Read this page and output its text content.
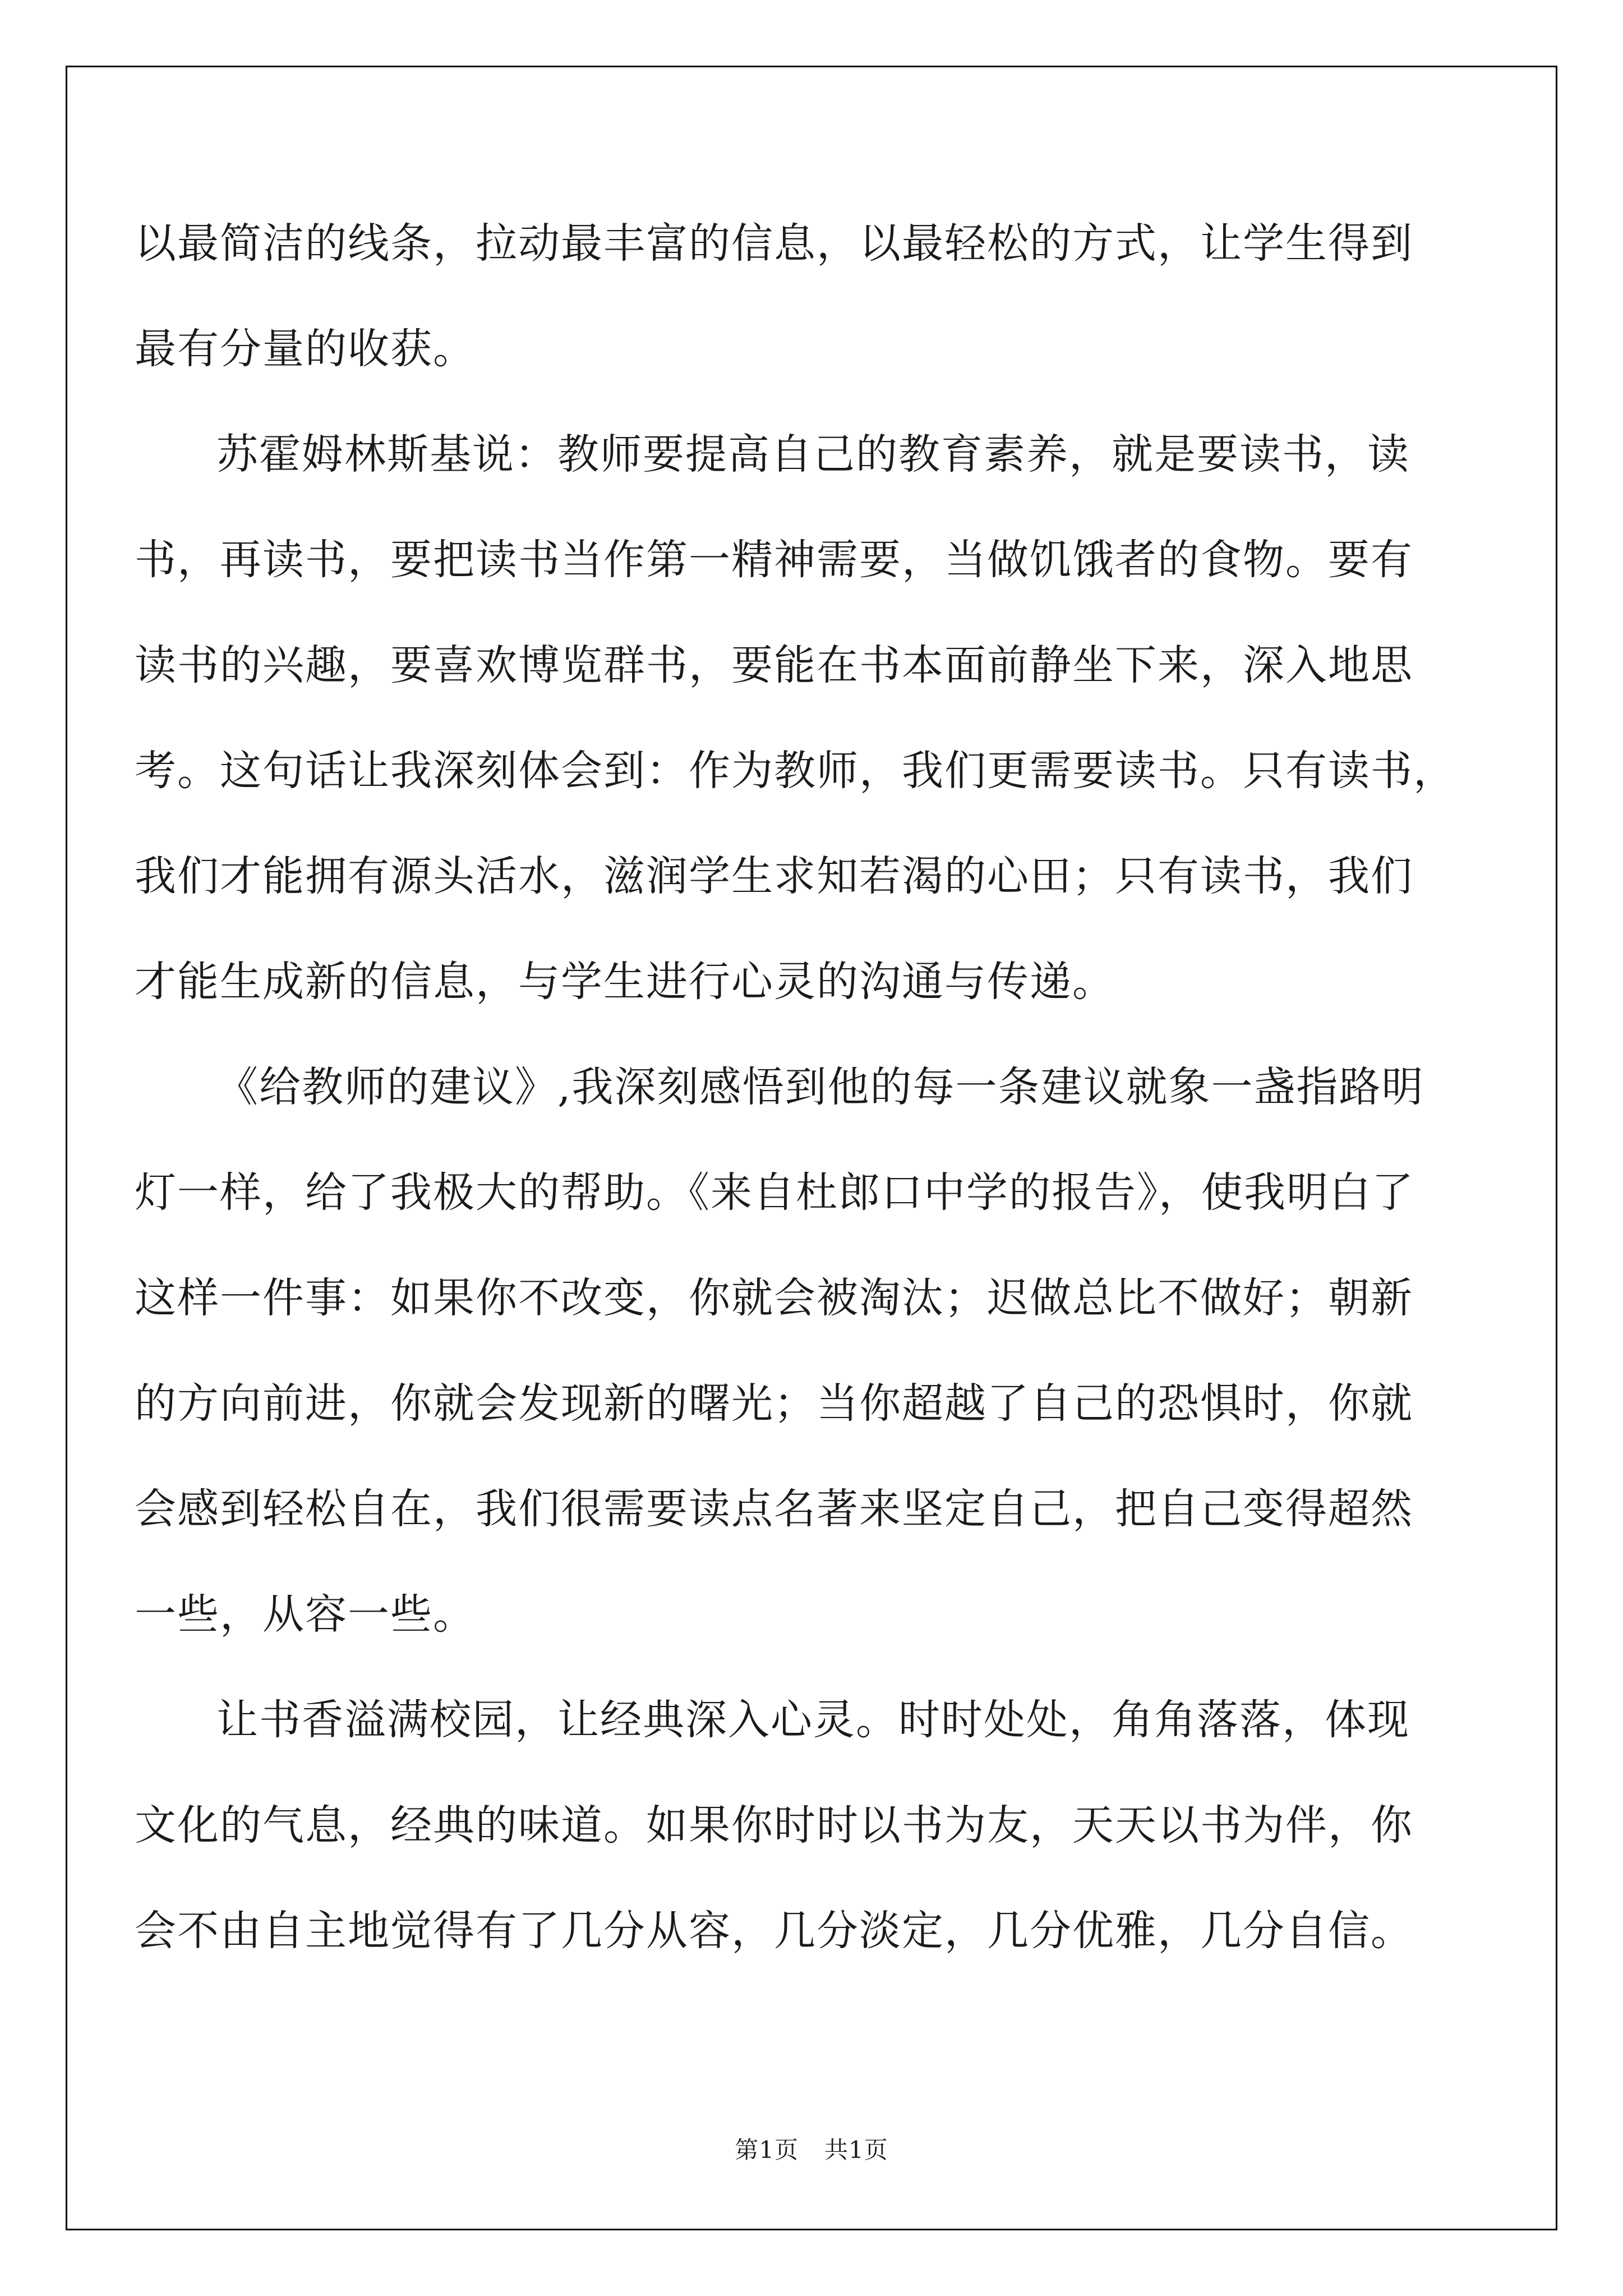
以最简洁的线条，拉动最丰富的信息，以最轻松的方式，让学生得到
最有分量的收获。

苏霍姆林斯基说：教师要提高自己的教育素养，就是要读书，读
书，再读书，要把读书当作第一精神需要，当做饥饿者的食物。要有
读书的兴趣，要喜欢博览群书，要能在书本面前静坐下来，深入地思
考。这句话让我深刻体会到：作为教师，我们更需要读书。只有读书，
我们才能拥有源头活水，滋润学生求知若渴的心田；只有读书，我们
才能生成新的信息，与学生进行心灵的沟通与传递。

《给教师的建议》,我深刻感悟到他的每一条建议就象一盏指路明
灯一样，给了我极大的帮助。《来自杜郎口中学的报告》，使我明白了
这样一件事：如果你不改变，你就会被淘汰；迟做总比不做好；朝新
的方向前进，你就会发现新的曙光；当你超越了自己的恐惧时，你就
会感到轻松自在，我们很需要读点名著来坚定自己，把自己变得超然
一些，从容一些。

让书香溢满校园，让经典深入心灵。时时处处，角角落落，体现
文化的气息，经典的味道。如果你时时以书为友，天天以书为伴，你
会不由自主地觉得有了几分从容，几分淡定，几分优雅，几分自信。

第1页 共1页
